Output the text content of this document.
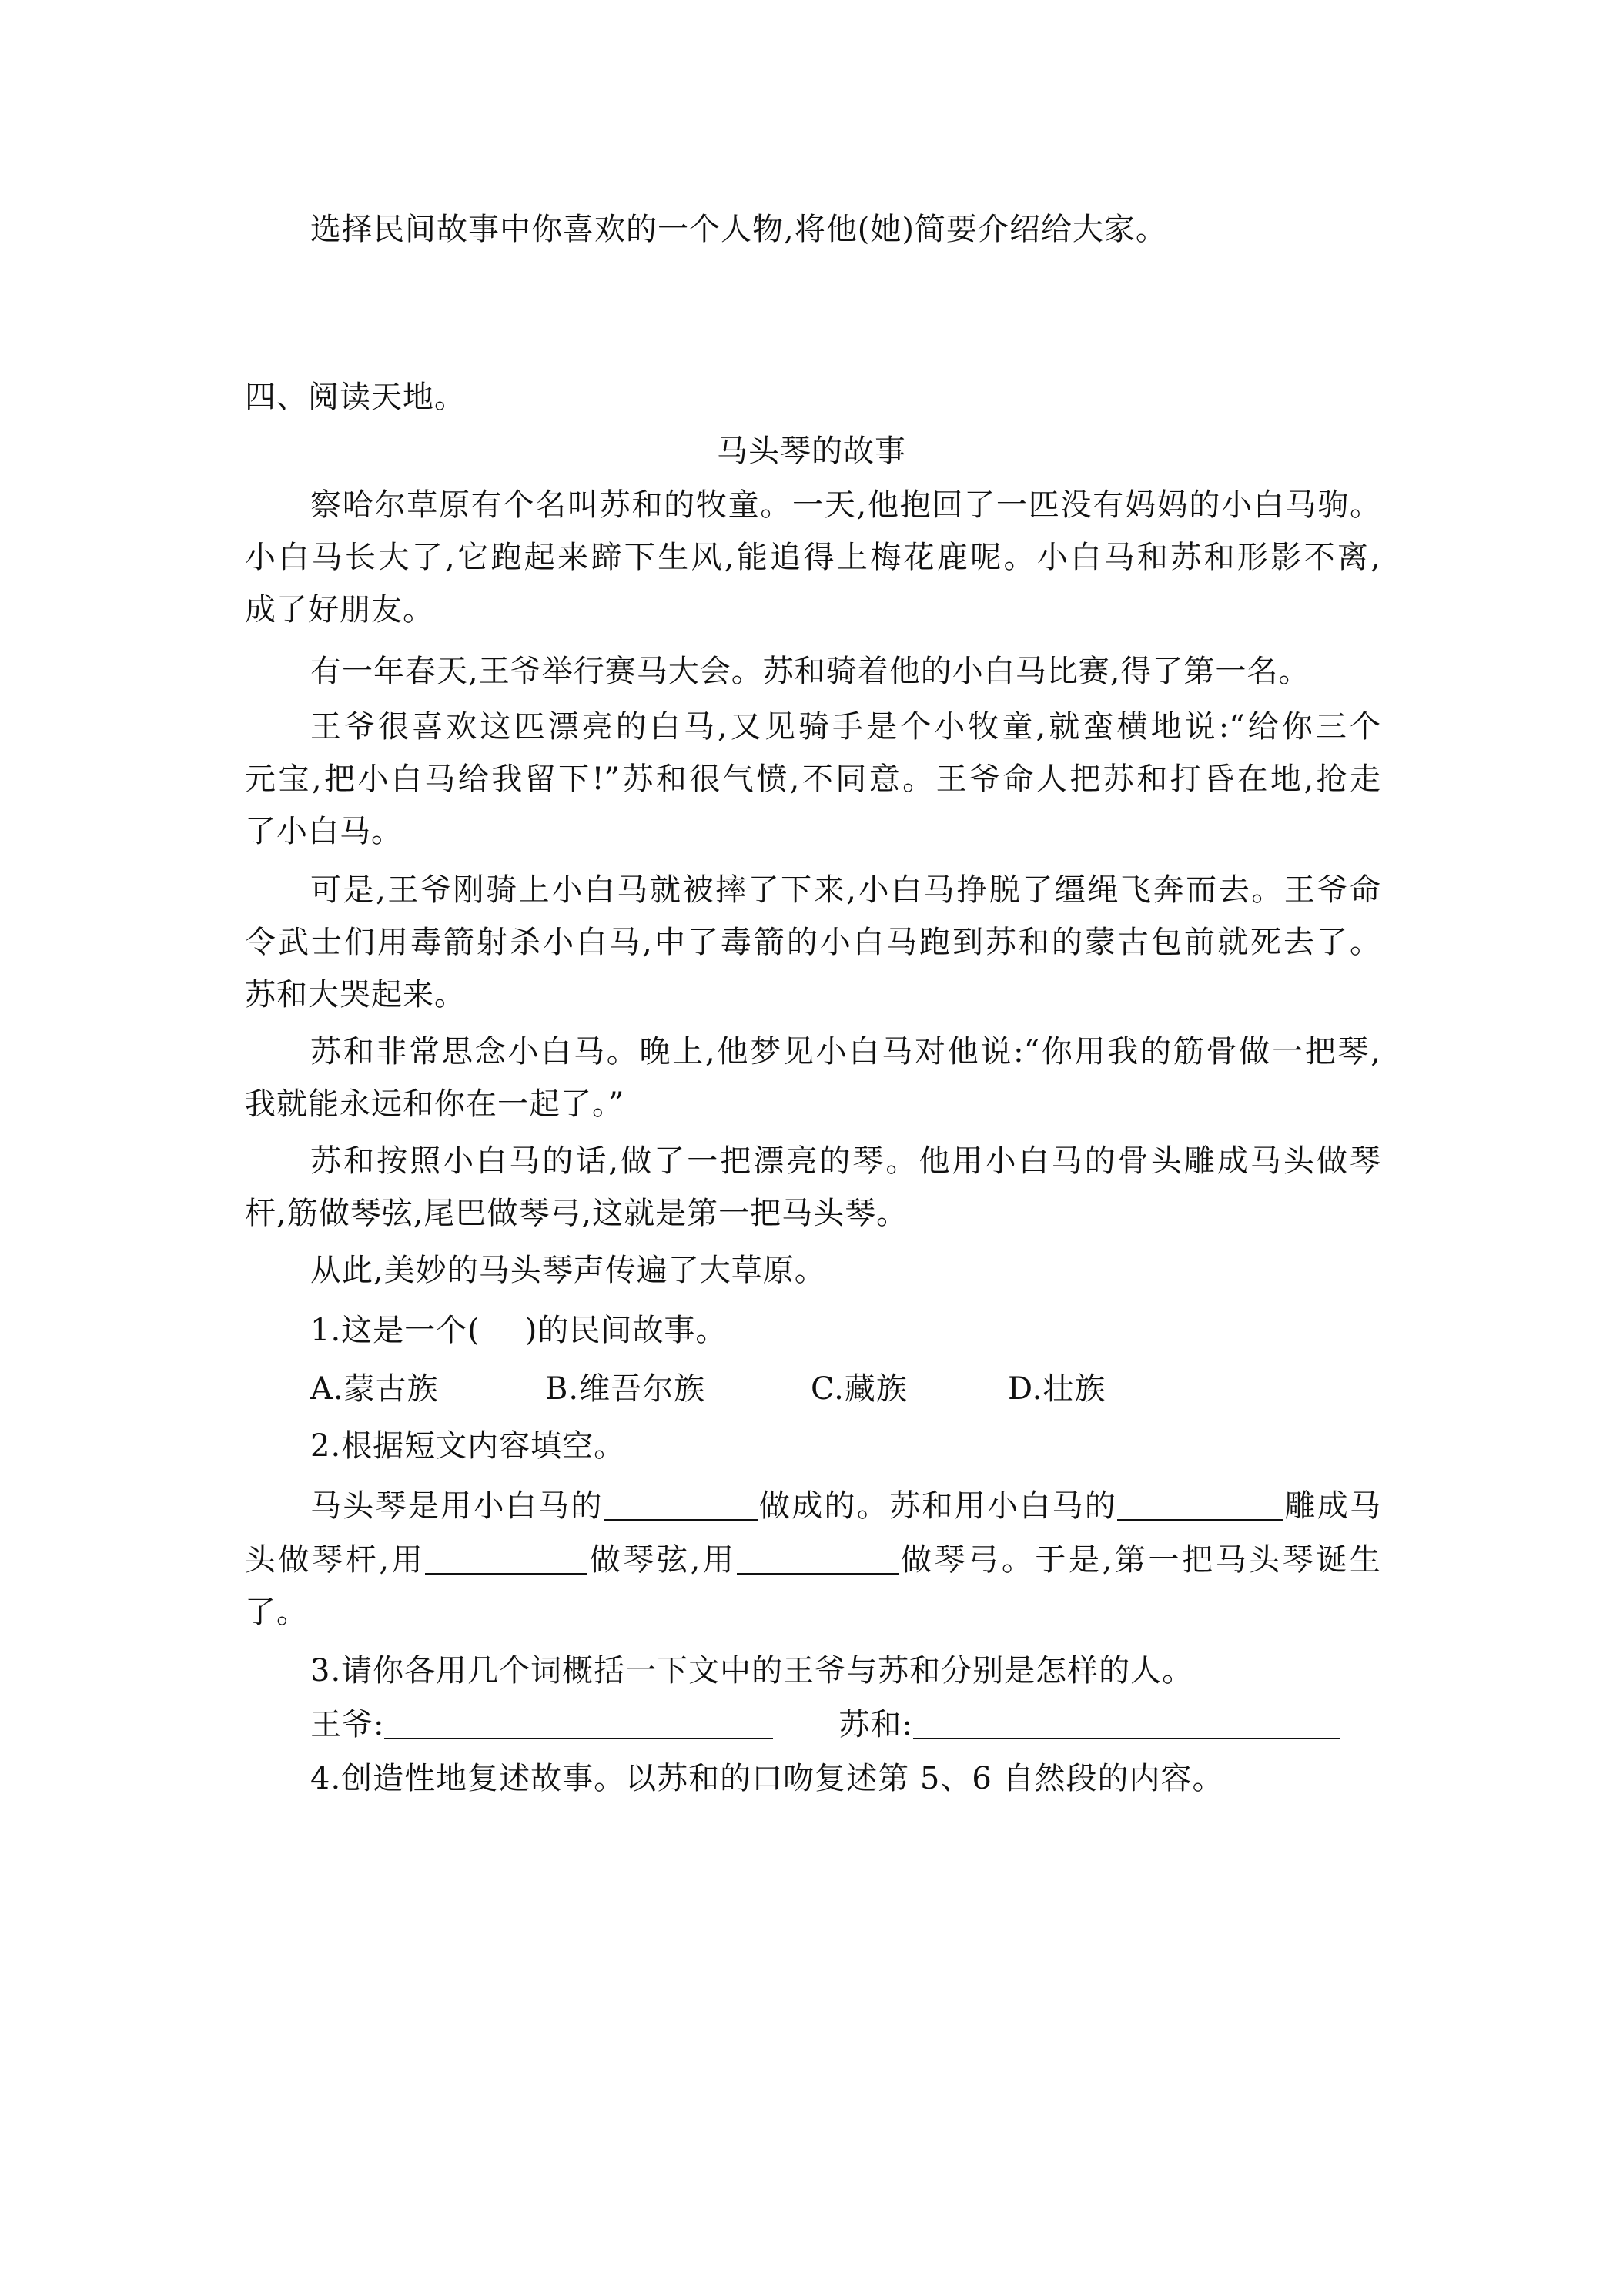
选择民间故事中你喜欢的一个人物,将他(她)简要介绍给大家。
四、阅读天地。
马头琴的故事
察哈尔草原有个名叫苏和的牧童。一天,他抱回了一匹没有妈妈的小白马驹。
小白马长大了,它跑起来蹄下生风,能追得上梅花鹿呢。小白马和苏和形影不离,
成了好朋友。
有一年春天,王爷举行赛马大会。苏和骑着他的小白马比赛,得了第一名。
王爷很喜欢这匹漂亮的白马,又见骑手是个小牧童,就蛮横地说:“给你三个
元宝,把小白马给我留下!”苏和很气愤,不同意。王爷命人把苏和打昏在地,抢走
了小白马。
可是,王爷刚骑上小白马就被摔了下来,小白马挣脱了缰绳飞奔而去。王爷命
令武士们用毒箭射杀小白马,中了毒箭的小白马跑到苏和的蒙古包前就死去了。
苏和大哭起来。
苏和非常思念小白马。晚上,他梦见小白马对他说:“你用我的筋骨做一把琴,
我就能永远和你在一起了。”
苏和按照小白马的话,做了一把漂亮的琴。他用小白马的骨头雕成马头做琴
杆,筋做琴弦,尾巴做琴弓,这就是第一把马头琴。
从此,美妙的马头琴声传遍了大草原。
1.这是一个( )的民间故事。
A.蒙古族	B.维吾尔族	C.藏族	D.壮族
2.根据短文内容填空。
马头琴是用小白马的	做成的。苏和用小白马的	雕成马
头做琴杆,用	做琴弦,用	做琴弓。于是,第一把马头琴诞生
了。
3.请你各用几个词概括一下文中的王爷与苏和分别是怎样的人。
王爷:	苏和:
4.创造性地复述故事。以苏和的口吻复述第 5、6 自然段的内容。
